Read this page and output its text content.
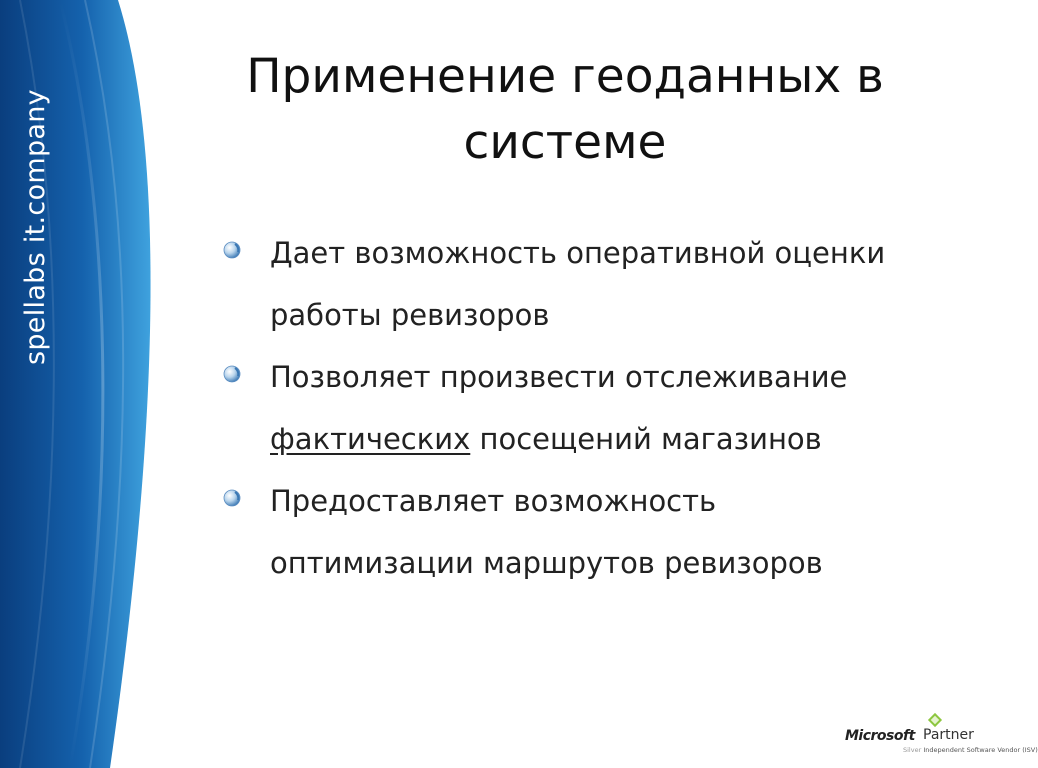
spellabs it.company
Применение геоданных в
системе
Дает возможность оперативной оценки
работы ревизоров
Позволяет произвести отслеживание
фактических посещений магазинов
Предоставляет возможность
оптимизации маршрутов ревизоров
Microsoft Partner
Silver Independent Software Vendor (ISV)
